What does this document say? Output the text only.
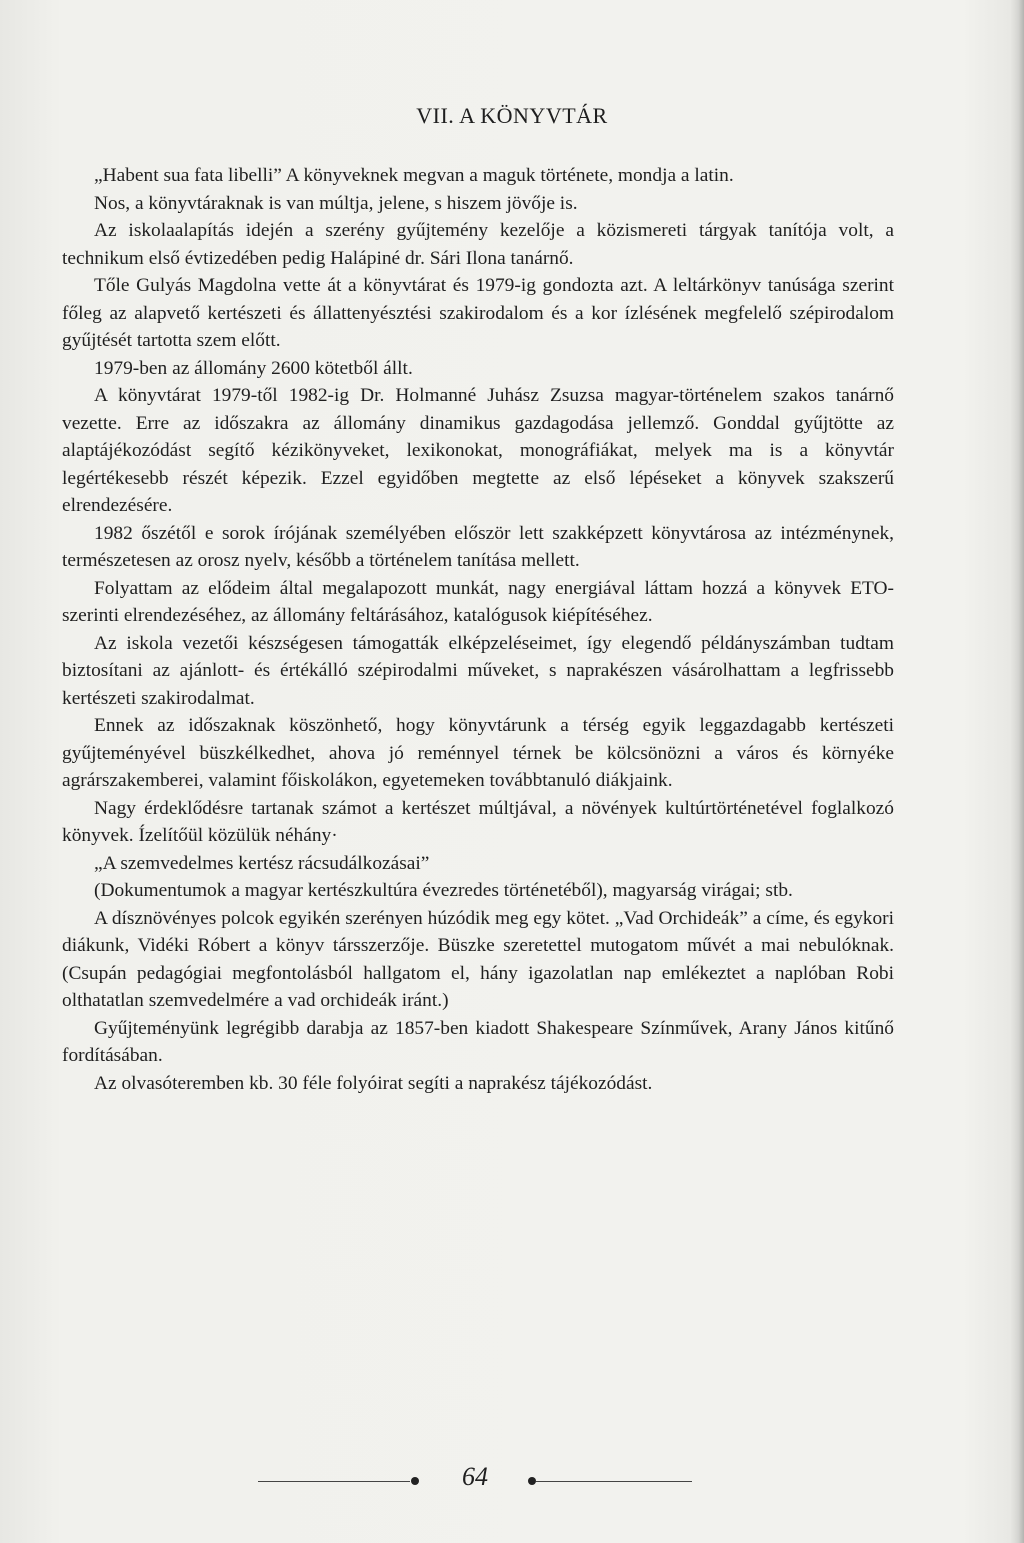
VII. A KÖNYVTÁR

„Habent sua fata libelli” A könyveknek megvan a maguk története, mondja a latin.

Nos, a könyvtáraknak is van múltja, jelene, s hiszem jövője is.

Az iskolaalapítás idején a szerény gyűjtemény kezelője a közismereti tárgyak tanítója volt, a technikum első évtizedében pedig Halápiné dr. Sári Ilona tanárnő.

Tőle Gulyás Magdolna vette át a könyvtárat és 1979-ig gondozta azt. A leltárkönyv tanúsága szerint főleg az alapvető kertészeti és állattenyésztési szakirodalom és a kor ízlésének megfelelő szépirodalom gyűjtését tartotta szem előtt.

1979-ben az állomány 2600 kötetből állt.

A könyvtárat 1979-től 1982-ig Dr. Holmanné Juhász Zsuzsa magyar-történelem szakos tanárnő vezette. Erre az időszakra az állomány dinamikus gazdagodása jellemző. Gonddal gyűjtötte az alaptájékozódást segítő kézikönyveket, lexikonokat, monográfiákat, melyek ma is a könyvtár legértékesebb részét képezik. Ezzel egyidőben megtette az első lépéseket a könyvek szakszerű elrendezésére.

1982 őszétől e sorok írójának személyében először lett szakképzett könyvtárosa az intézménynek, természetesen az orosz nyelv, később a történelem tanítása mellett.

Folyattam az elődeim által megalapozott munkát, nagy energiával láttam hozzá a könyvek ETO-szerinti elrendezéséhez, az állomány feltárásához, katalógusok kiépítéséhez.

Az iskola vezetői készségesen támogatták elképzeléseimet, így elegendő példányszámban tudtam biztosítani az ajánlott- és értékálló szépirodalmi műveket, s naprakészen vásárolhattam a legfrissebb kertészeti szakirodalmat.

Ennek az időszaknak köszönhető, hogy könyvtárunk a térség egyik leggazdagabb kertészeti gyűjteményével büszkélkedhet, ahova jó reménnyel térnek be kölcsönözni a város és környéke agrárszakemberei, valamint főiskolákon, egyetemeken továbbtanuló diákjaink.

Nagy érdeklődésre tartanak számot a kertészet múltjával, a növények kultúrtörténetével foglalkozó könyvek. Ízelítőül közülük néhány·

„A szemvedelmes kertész rácsudálkozásai”

(Dokumentumok a magyar kertészkultúra évezredes történetéből), magyarság virágai; stb.

A dísznövényes polcok egyikén szerényen húzódik meg egy kötet. „Vad Orchideák” a címe, és egykori diákunk, Vidéki Róbert a könyv társszerzője. Büszke szeretettel mutogatom művét a mai nebulóknak. (Csupán pedagógiai megfontolásból hallgatom el, hány igazolatlan nap emlékeztet a naplóban Robi olthatatlan szemvedelmére a vad orchideák iránt.)

Gyűjteményünk legrégibb darabja az 1857-ben kiadott Shakespeare Színművek, Arany János kitűnő fordításában.

Az olvasóteremben kb. 30 féle folyóirat segíti a naprakész tájékozódást.

64
